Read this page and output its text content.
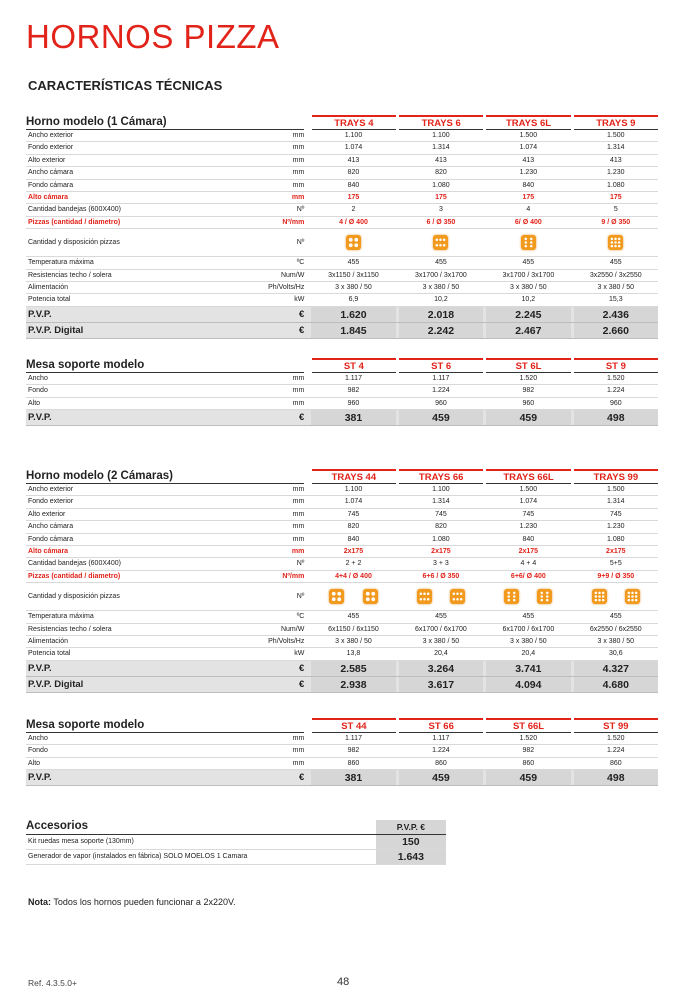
HORNOS PIZZA
CARACTERÍSTICAS TÉCNICAS
Horno modelo (1 Cámara)	TRAYS 4	TRAYS 6	TRAYS 6L	TRAYS 9
Ancho exterior	mm	1.100	1.100	1.500	1.500
Fondo exterior	mm	1.074	1.314	1.074	1.314
Alto exterior	mm	413	413	413	413
Ancho cámara	mm	820	820	1.230	1.230
Fondo cámara	mm	840	1.080	840	1.080
Alto cámara	mm	175	175	175	175
Cantidad bandejas (600X400)	Nº	2	3	4	5
Pizzas (cantidad / diametro)	Nº/mm	4 / Ø 400	6 / Ø 350	6/ Ø 400	9 / Ø 350
Cantidad y disposición pizzas	Nº
Temperatura máxima	ºC	455	455	455	455
Resistencias techo / solera	Num/W	3x1150 / 3x1150	3x1700 / 3x1700	3x1700 / 3x1700	3x2550 / 3x2550
Alimentación	Ph/Volts/Hz	3 x 380 / 50	3 x 380 / 50	3 x 380 / 50	3 x 380 / 50
Potencia total	kW	6,9	10,2	10,2	15,3
P.V.P.	€	1.620	2.018	2.245	2.436
P.V.P. Digital	€	1.845	2.242	2.467	2.660
Mesa soporte modelo	ST 4	ST 6	ST 6L	ST 9
Ancho	mm	1.117	1.117	1.520	1.520
Fondo	mm	982	1.224	982	1.224
Alto	mm	960	960	960	960
P.V.P.	€	381	459	459	498
Horno modelo (2 Cámaras)	TRAYS 44	TRAYS 66	TRAYS 66L	TRAYS 99
Ancho exterior	mm	1.100	1.100	1.500	1.500
Fondo exterior	mm	1.074	1.314	1.074	1.314
Alto exterior	mm	745	745	745	745
Ancho cámara	mm	820	820	1.230	1.230
Fondo cámara	mm	840	1.080	840	1.080
Alto cámara	mm	2x175	2x175	2x175	2x175
Cantidad bandejas (600X400)	Nº	2 + 2	3 + 3	4 + 4	5+5
Pizzas (cantidad / diametro)	Nº/mm	4+4 / Ø 400	6+6 / Ø 350	6+6/ Ø 400	9+9 / Ø 350
Cantidad y disposición pizzas	Nº
Temperatura máxima	ºC	455	455	455	455
Resistencias techo / solera	Num/W	6x1150 / 6x1150	6x1700 / 6x1700	6x1700 / 6x1700	6x2550 / 6x2550
Alimentación	Ph/Volts/Hz	3 x 380 / 50	3 x 380 / 50	3 x 380 / 50	3 x 380 / 50
Potencia total	kW	13,8	20,4	20,4	30,6
P.V.P.	€	2.585	3.264	3.741	4.327
P.V.P. Digital	€	2.938	3.617	4.094	4.680
Mesa soporte modelo	ST 44	ST 66	ST 66L	ST 99
Ancho	mm	1.117	1.117	1.520	1.520
Fondo	mm	982	1.224	982	1.224
Alto	mm	860	860	860	860
P.V.P.	€	381	459	459	498
Accesorios	P.V.P. €
Kit ruedas mesa soporte (130mm)	150
Generador de vapor (instalados en fábrica) SOLO MOELOS 1 Camara	1.643
Nota: Todos los hornos pueden funcionar a 2x220V.
Ref. 4.3.5.0+	48
